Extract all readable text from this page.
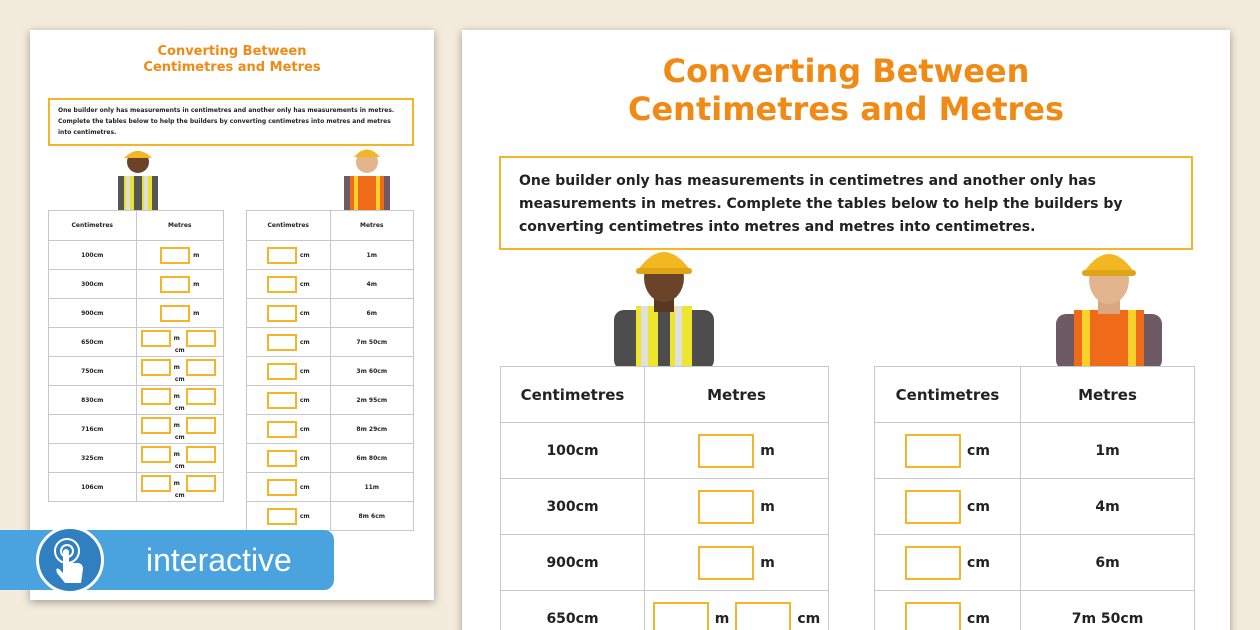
Converting Between
Centimetres and Metres
One builder only has measurements in centimetres and another only has measurements in metres. Complete the tables below to help the builders by converting centimetres into metres and metres into centimetres.
Centimetres	Metres
100cm	m
300cm	m
900cm	m
650cm	mcm
750cm	mcm
830cm	mcm
716cm	mcm
325cm	mcm
106cm	mcm
Centimetres	Metres
cm	1m
cm	4m
cm	6m
cm	7m 50cm
cm	3m 60cm
cm	2m 95cm
cm	8m 29cm
cm	6m 80cm
cm	11m
cm	8m 6cm
interactive
Converting Between
Centimetres and Metres
One builder only has measurements in centimetres and another only has measurements in metres. Complete the tables below to help the builders by converting centimetres into metres and metres into centimetres.
Centimetres	Metres
100cm	m
300cm	m
900cm	m
650cm	m cm
Centimetres	Metres
cm	1m
cm	4m
cm	6m
cm	7m 50cm
